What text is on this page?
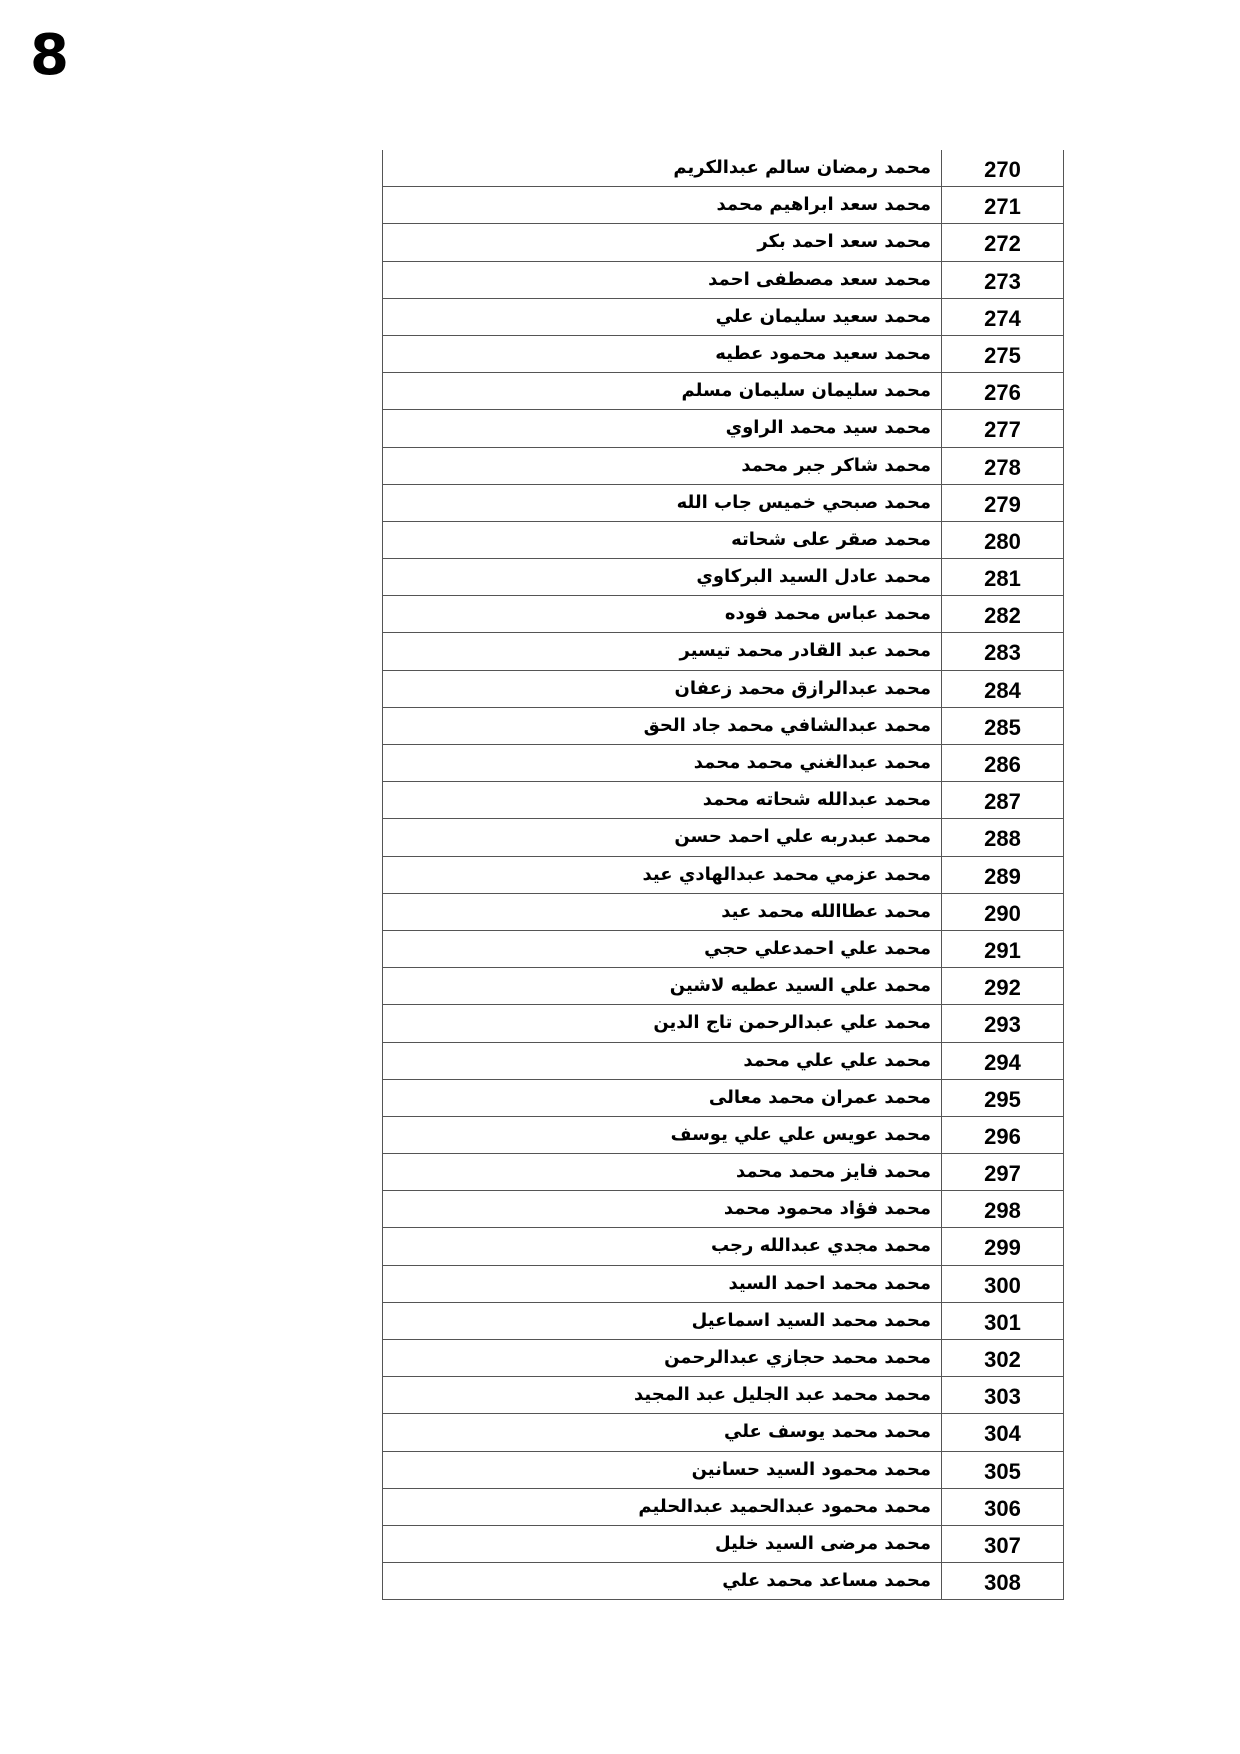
8
محمد رمضان سالم عبدالكريم	270
محمد سعد ابراهيم محمد	271
محمد سعد احمد بكر	272
محمد سعد مصطفى احمد	273
محمد سعيد سليمان علي	274
محمد سعيد محمود عطيه	275
محمد سليمان سليمان مسلم	276
محمد سيد محمد الراوي	277
محمد شاكر جبر محمد	278
محمد صبحي خميس جاب الله	279
محمد صقر على شحاته	280
محمد عادل السيد البركاوي	281
محمد عباس محمد فوده	282
محمد عبد القادر محمد تيسير	283
محمد عبدالرازق محمد زعفان	284
محمد عبدالشافي محمد جاد الحق	285
محمد عبدالغني محمد محمد	286
محمد عبدالله شحاته محمد	287
محمد عبدربه علي احمد حسن	288
محمد عزمي محمد عبدالهادي عيد	289
محمد عطاالله محمد عيد	290
محمد علي احمدعلي حجي	291
محمد علي السيد عطيه لاشين	292
محمد علي عبدالرحمن تاج الدين	293
محمد علي علي محمد	294
محمد عمران محمد معالى	295
محمد عويس علي علي يوسف	296
محمد فايز محمد محمد	297
محمد فؤاد محمود محمد	298
محمد مجدي عبدالله رجب	299
محمد محمد احمد السيد	300
محمد محمد السيد اسماعيل	301
محمد محمد حجازي عبدالرحمن	302
محمد محمد عبد الجليل عبد المجيد	303
محمد محمد يوسف علي	304
محمد محمود السيد حسانين	305
محمد محمود عبدالحميد عبدالحليم	306
محمد مرضى السيد خليل	307
محمد مساعد محمد علي	308
